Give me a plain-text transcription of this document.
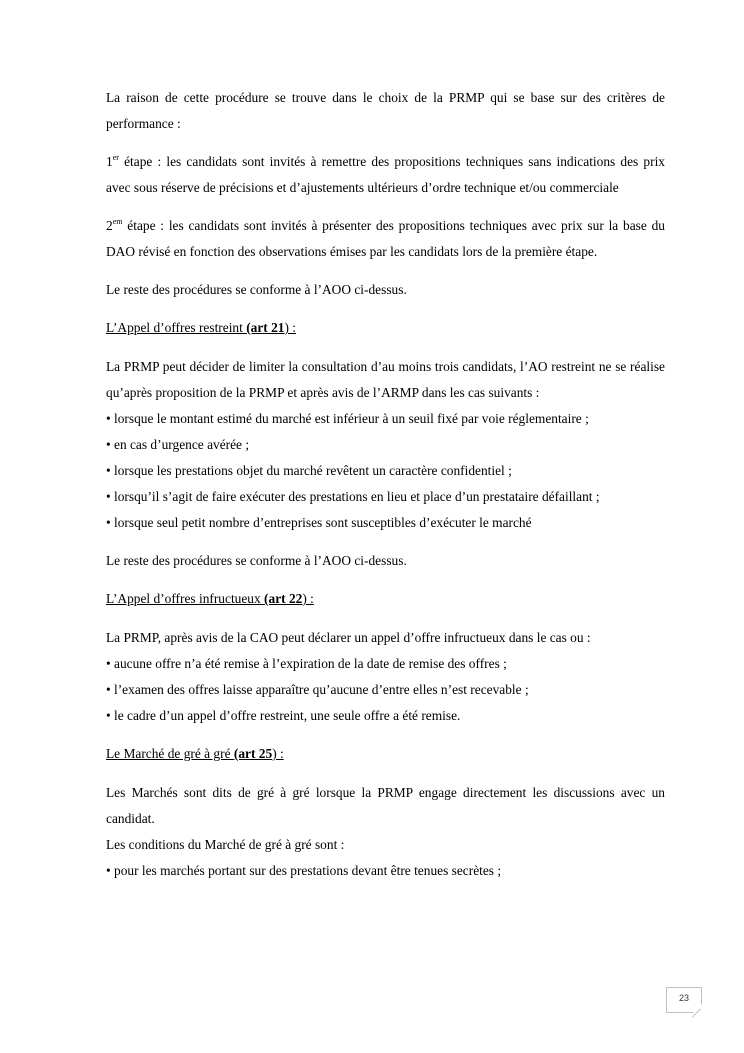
La raison de cette procédure se trouve dans le choix de la PRMP qui se base sur des critères de performance :

1er étape : les candidats sont invités à remettre des propositions techniques sans indications des prix avec sous réserve de précisions et d’ajustements ultérieurs d’ordre technique et/ou commerciale

$2^{em}$ étape : les candidats sont invités à présenter des propositions techniques avec prix sur la base du DAO révisé en fonction des observations émises par les candidats lors de la première étape.

Le reste des procédures se conforme à l’AOO ci-dessus.

L’Appel d’offres restreint (art 21) :

La PRMP peut décider de limiter la consultation d’au moins trois candidats, l’AO restreint ne se réalise qu’après proposition de la PRMP et après avis de l’ARMP dans les cas suivants :

• lorsque le montant estimé du marché est inférieur à un seuil fixé par voie réglementaire ;

• en cas d’urgence avérée ;

• lorsque les prestations objet du marché revêtent un caractère confidentiel ;

• lorsqu’il s’agit de faire exécuter des prestations en lieu et place d’un prestataire défaillant ;

• lorsque seul petit nombre d’entreprises sont susceptibles d’exécuter le marché

Le reste des procédures se conforme à l’AOO ci-dessus.

L’Appel d’offres infructueux (art 22) :

La PRMP, après avis de la CAO peut déclarer un appel d’offre infructueux dans le cas ou :

• aucune offre n’a été remise à l’expiration de la date de remise des offres ;

• l’examen des offres laisse apparaître qu’aucune d’entre elles n’est recevable ;

• le cadre d’un appel d’offre restreint, une seule offre a été remise.

Le Marché de gré à gré (art 25) :

Les Marchés sont dits de gré à gré lorsque la PRMP engage directement les discussions avec un candidat.

Les conditions du Marché de gré à gré sont :

• pour les marchés portant sur des prestations devant être tenues secrètes ;

23
